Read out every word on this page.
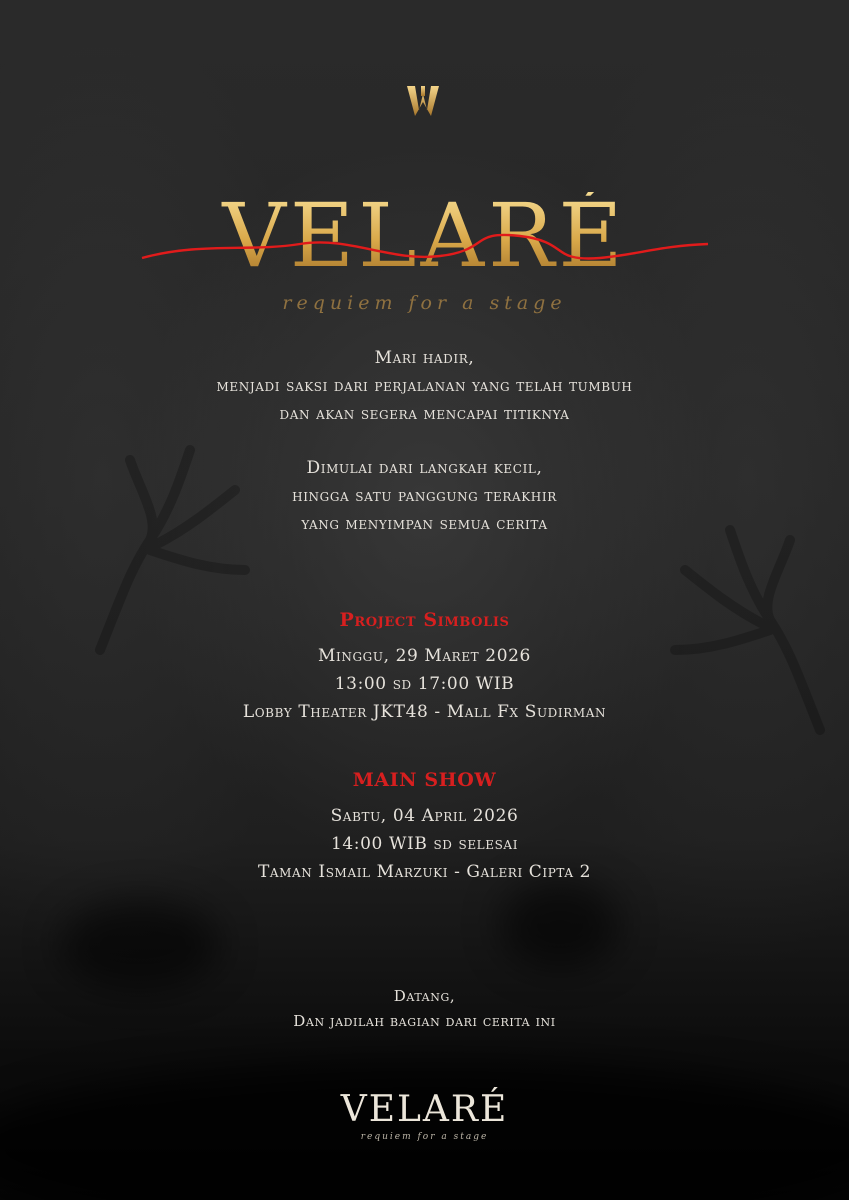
VELARÉ
requiem for a stage
Mari hadir,
menjadi saksi dari perjalanan yang telah tumbuh
dan akan segera mencapai titiknya
Dimulai dari langkah kecil,
hingga satu panggung terakhir
yang menyimpan semua cerita
Project Simbolis
Minggu, 29 Maret 2026
13:00 sd 17:00 WIB
Lobby Theater JKT48 - Mall Fx Sudirman
MAIN SHOW
Sabtu, 04 April 2026
14:00 WIB sd selesai
Taman Ismail Marzuki - Galeri Cipta 2
Datang,
Dan jadilah bagian dari cerita ini
VELARÉ
requiem for a stage
